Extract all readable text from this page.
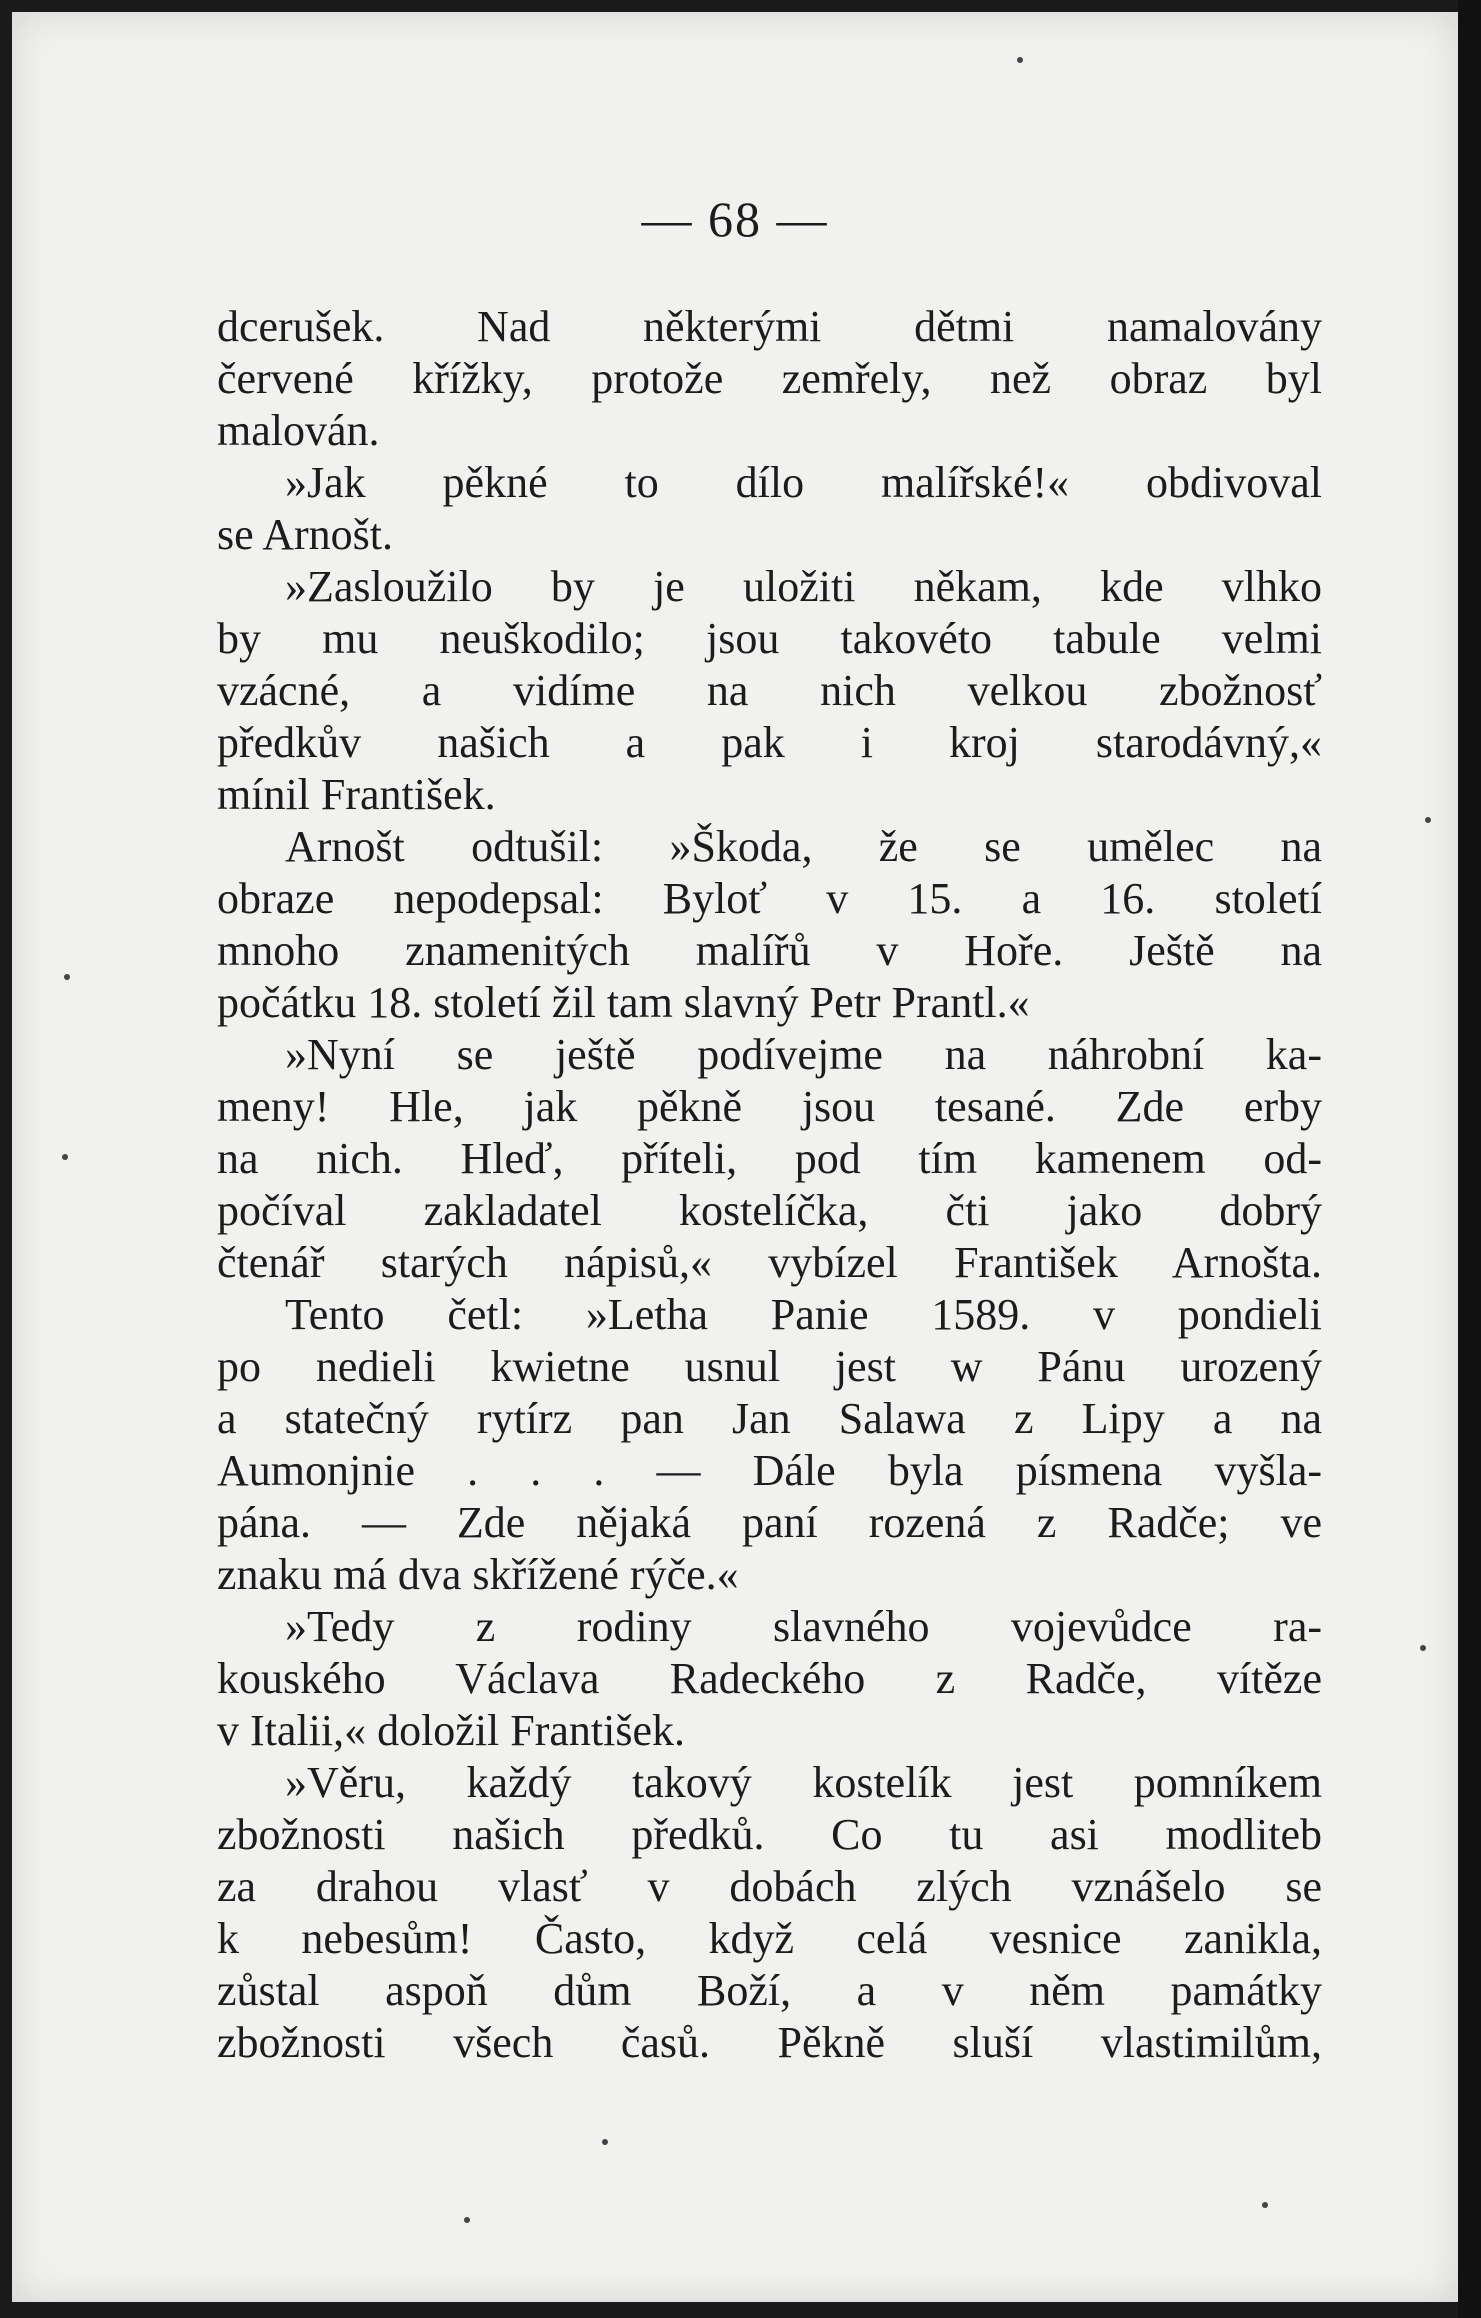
— 68 —
dcerušek. Nad některými dětmi namalovány
červené křížky, protože zemřely, než obraz byl
malován.
»Jak pěkné to dílo malířské!« obdivoval
se Arnošt.
»Zasloužilo by je uložiti někam, kde vlhko
by mu neuškodilo; jsou takovéto tabule velmi
vzácné, a vidíme na nich velkou zbožnosť
předkův našich a pak i kroj starodávný,«
mínil František.
Arnošt odtušil: »Škoda, že se umělec na
obraze nepodepsal: Byloť v 15. a 16. století
mnoho znamenitých malířů v Hoře. Ještě na
počátku 18. století žil tam slavný Petr Prantl.«
»Nyní se ještě podívejme na náhrobní ka-
meny! Hle, jak pěkně jsou tesané. Zde erby
na nich. Hleď, příteli, pod tím kamenem od-
počíval zakladatel kostelíčka, čti jako dobrý
čtenář starých nápisů,« vybízel František Arnošta.
Tento četl: »Letha Panie 1589. v pondieli
po nedieli kwietne usnul jest w Pánu urozený
a statečný rytírz pan Jan Salawa z Lipy a na
Aumonjnie . . . — Dále byla písmena vyšla-
pána. — Zde nějaká paní rozená z Radče; ve
znaku má dva skřížené rýče.«
»Tedy z rodiny slavného vojevůdce ra-
kouského Václava Radeckého z Radče, vítěze
v Italii,« doložil František.
»Věru, každý takový kostelík jest pomníkem
zbožnosti našich předků. Co tu asi modliteb
za drahou vlasť v dobách zlých vznášelo se
k nebesům! Často, když celá vesnice zanikla,
zůstal aspoň dům Boží, a v něm památky
zbožnosti všech časů. Pěkně sluší vlastimilům,
